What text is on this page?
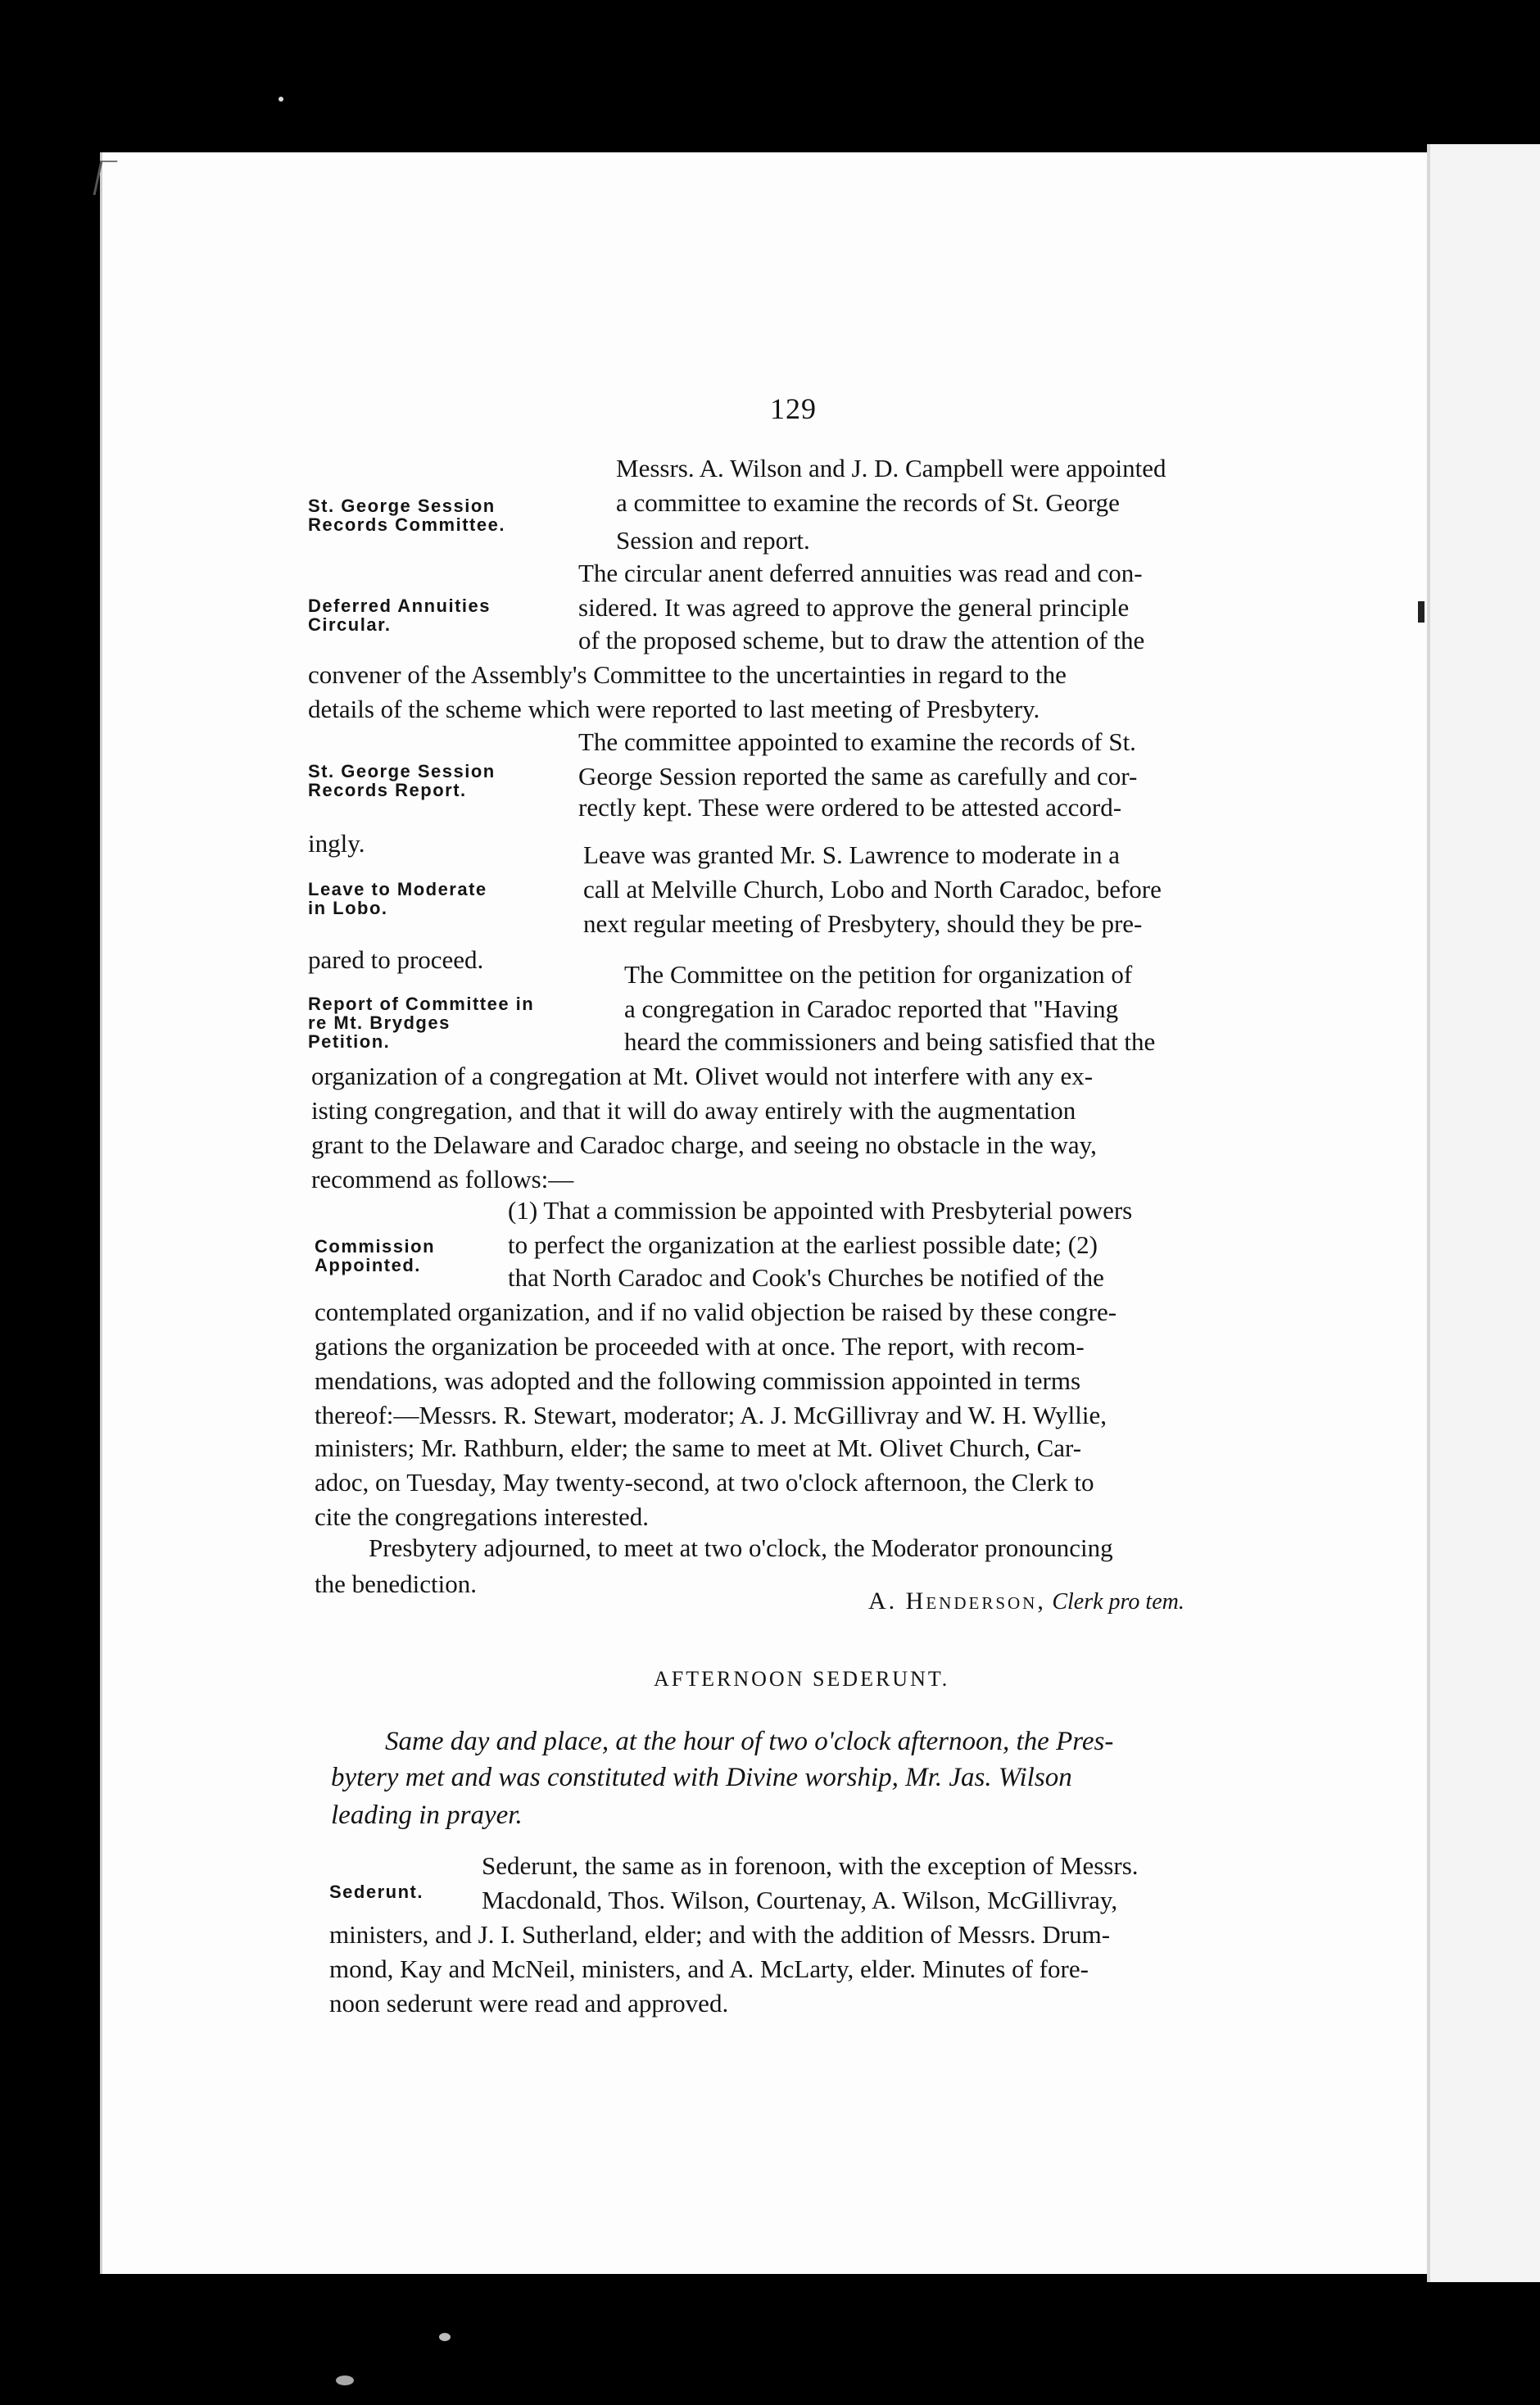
129
St. George Session
Records Committee.
Deferred Annuities
Circular.
St. George Session
Records Report.
Leave to Moderate
in Lobo.
Report of Committee in
re Mt. Brydges
Petition.
Commission
Appointed.
Sederunt.
Messrs. A. Wilson and J. D. Campbell were appointed
a committee to examine the records of St. George
Session and report.
The circular anent deferred annuities was read and con-
sidered. It was agreed to approve the general principle
of the proposed scheme, but to draw the attention of the
convener of the Assembly's Committee to the uncertainties in regard to the
details of the scheme which were reported to last meeting of Presbytery.
The committee appointed to examine the records of St.
George Session reported the same as carefully and cor-
rectly kept. These were ordered to be attested accord-
ingly.	Leave was granted Mr. S. Lawrence to moderate in a
call at Melville Church, Lobo and North Caradoc, before
next regular meeting of Presbytery, should they be pre-
pared to proceed.
The Committee on the petition for organization of
a congregation in Caradoc reported that "Having
heard the commissioners and being satisfied that the
organization of a congregation at Mt. Olivet would not interfere with any ex-
isting congregation, and that it will do away entirely with the augmentation
grant to the Delaware and Caradoc charge, and seeing no obstacle in the way,
recommend as follows:—
(1) That a commission be appointed with Presbyterial powers
to perfect the organization at the earliest possible date; (2)
that North Caradoc and Cook's Churches be notified of the
contemplated organization, and if no valid objection be raised by these congre-
gations the organization be proceeded with at once. The report, with recom-
mendations, was adopted and the following commission appointed in terms
thereof:—Messrs. R. Stewart, moderator; A. J. McGillivray and W. H. Wyllie,
ministers; Mr. Rathburn, elder; the same to meet at Mt. Olivet Church, Car-
adoc, on Tuesday, May twenty-second, at two o'clock afternoon, the Clerk to
cite the congregations interested.
Presbytery adjourned, to meet at two o'clock, the Moderator pronouncing
the benediction.
A. Henderson, Clerk pro tem.
AFTERNOON SEDERUNT.
Same day and place, at the hour of two o'clock afternoon, the Pres-
bytery met and was constituted with Divine worship, Mr. Jas. Wilson
leading in prayer.
Sederunt, the same as in forenoon, with the exception of Messrs.
Macdonald, Thos. Wilson, Courtenay, A. Wilson, McGillivray,
ministers, and J. I. Sutherland, elder; and with the addition of Messrs. Drum-
mond, Kay and McNeil, ministers, and A. McLarty, elder. Minutes of fore-
noon sederunt were read and approved.
